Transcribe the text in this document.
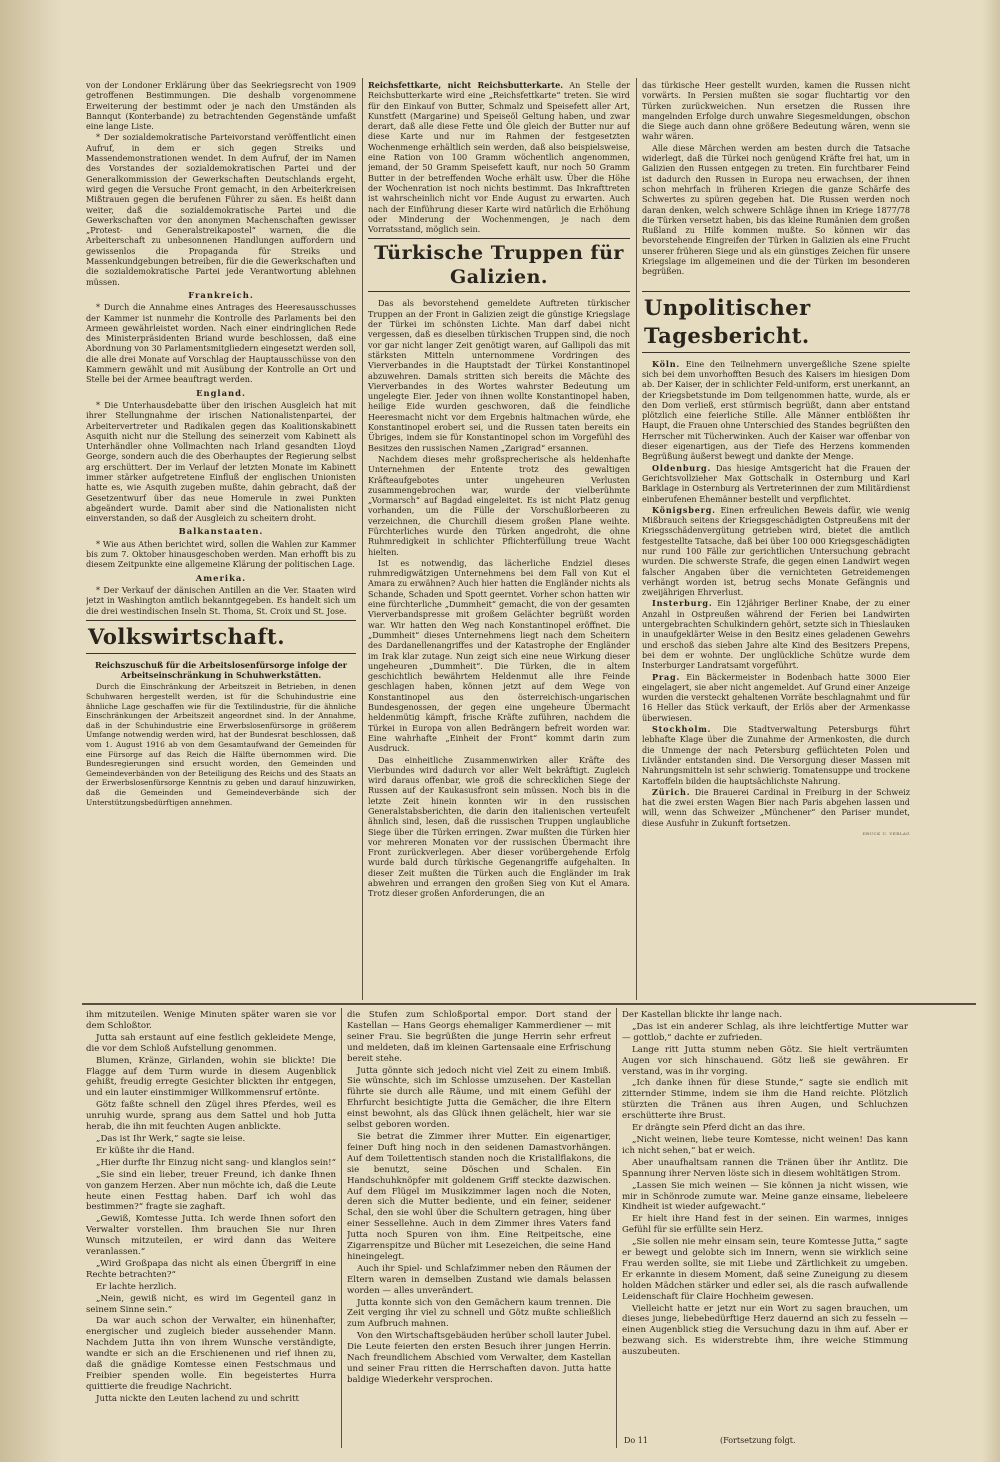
von der Londoner Erklärung über das Seekriegsrecht von 1909 getroffenen Bestimmungen. Die deshalb vorgenommene Erweiterung der bestimmt oder je nach den Umständen als Bannqut (Konterbande) zu betrachtenden Gegenstände umfaßt eine lange Liste.

* Der sozialdemokratische Parteivorstand veröffentlicht einen Aufruf, in dem er sich gegen Streiks und Massendemonstrationen wendet. In dem Aufruf, der im Namen des Vorstandes der sozialdemokratischen Partei und der Generalkommission der Gewerkschaften Deutschlands ergeht, wird gegen die Versuche Front gemacht, in den Arbeiterkreisen Mißtrauen gegen die berufenen Führer zu säen. Es heißt dann weiter, daß die sozialdemokratische Partei und die Gewerkschaften vor den anonymen Machenschaften gewisser „Protest- und Generalstreikapostel“ warnen, die die Arbeiterschaft zu unbesonnenen Handlungen auffordern und gewissenlos die Propaganda für Streiks und Massenkundgebungen betreiben, für die die Gewerkschaften und die sozialdemokratische Partei jede Verantwortung ablehnen müssen.

Frankreich.

* Durch die Annahme eines Antrages des Heeresausschusses der Kammer ist nunmehr die Kontrolle des Parlaments bei den Armeen gewährleistet worden. Nach einer eindringlichen Rede des Ministerpräsidenten Briand wurde beschlossen, daß eine Abordnung von 30 Parlamentsmitgliedern eingesetzt werden soll, die alle drei Monate auf Vorschlag der Hauptausschüsse von den Kammern gewählt und mit Ausübung der Kontrolle an Ort und Stelle bei der Armee beauftragt werden.

England.

* Die Unterhausdebatte über den irischen Ausgleich hat mit ihrer Stellungnahme der irischen Nationalistenpartei, der Arbeitervertreter und Radikalen gegen das Koalitionskabinett Asquith nicht nur die Stellung des seinerzeit vom Kabinett als Unterhändler ohne Vollmachten nach Irland gesandten Lloyd George, sondern auch die des Oberhauptes der Regierung selbst arg erschüttert. Der im Verlauf der letzten Monate im Kabinett immer stärker aufgetretene Einfluß der englischen Unionisten hatte es, wie Asquith zugeben mußte, dahin gebracht, daß der Gesetzentwurf über das neue Homerule in zwei Punkten abgeändert wurde. Damit aber sind die Nationalisten nicht einverstanden, so daß der Ausgleich zu scheitern droht.

Balkanstaaten.

* Wie aus Athen berichtet wird, sollen die Wahlen zur Kammer bis zum 7. Oktober hinausgeschoben werden. Man erhofft bis zu diesem Zeitpunkte eine allgemeine Klärung der politischen Lage.

Amerika.

* Der Verkauf der dänischen Antillen an die Ver. Staaten wird jetzt in Washington amtlich bekanntgegeben. Es handelt sich um die drei westindischen Inseln St. Thoma, St. Croix und St. Jose.

Volkswirtschaft.
Reichszuschuß für die Arbeitslosenfürsorge infolge der Arbeitseinschränkung in Schuhwerkstätten.

Durch die Einschränkung der Arbeitszeit in Betrieben, in denen Schuhwaren hergestellt werden, ist für die Schuhindustrie eine ähnliche Lage geschaffen wie für die Textilindustrie, für die ähnliche Einschränkungen der Arbeitszeit angeordnet sind. In der Annahme, daß in der Schuhindustrie eine Erwerbslosenfürsorge in größerem Umfange notwendig werden wird, hat der Bundesrat beschlossen, daß vom 1. August 1916 ab von dem Gesamtaufwand der Gemeinden für eine Fürsorge auf das Reich die Hälfte übernommen wird. Die Bundesregierungen sind ersucht worden, den Gemeinden und Gemeindeverbänden von der Beteiligung des Reichs und des Staats an der Erwerbslosenfürsorge Kenntnis zu geben und darauf hinzuwirken, daß die Gemeinden und Gemeindeverbände sich der Unterstützungsbedürftigen annehmen.

Reichsfettkarte, nicht Reichsbutterkarte. An Stelle der Reichsbutterkarte wird eine „Reichsfettkarte“ treten. Sie wird für den Einkauf von Butter, Schmalz und Speisefett aller Art, Kunstfett (Margarine) und Speiseöl Geltung haben, und zwar derart, daß alle diese Fette und Öle gleich der Butter nur auf diese Karte und nur im Rahmen der festgesetzten Wochenmenge erhältlich sein werden, daß also beispielsweise, eine Ration von 100 Gramm wöchentlich angenommen, jemand, der 50 Gramm Speisefett kauft, nur noch 50 Gramm Butter in der betreffenden Woche erhält usw. Über die Höhe der Wochenration ist noch nichts bestimmt. Das Inkrafttreten ist wahrscheinlich nicht vor Ende August zu erwarten. Auch nach der Einführung dieser Karte wird natürlich die Erhöhung oder Minderung der Wochenmengen, je nach dem Vorratsstand, möglich sein.

Türkische Truppen für Galizien.

Das als bevorstehend gemeldete Auftreten türkischer Truppen an der Front in Galizien zeigt die günstige Kriegslage der Türkei im schönsten Lichte. Man darf dabei nicht vergessen, daß es dieselben türkischen Truppen sind, die noch vor gar nicht langer Zeit genötigt waren, auf Gallipoli das mit stärksten Mitteln unternommene Vordringen des Vierverbandes in die Hauptstadt der Türkei Konstantinopel abzuwehren. Damals stritten sich bereits die Mächte des Vierverbandes in des Wortes wahrster Bedeutung um ungelegte Eier. Jeder von ihnen wollte Konstantinopel haben, heilige Eide wurden geschworen, daß die feindliche Heeresmacht nicht vor dem Ergebnis haltmachen würde, ehe Konstantinopel erobert sei, und die Russen taten bereits ein Übriges, indem sie für Konstantinopel schon im Vorgefühl des Besitzes den russischen Namen „Zarigrad“ ersannen.

Nachdem dieses mehr großsprecherische als heldenhafte Unternehmen der Entente trotz des gewaltigen Kräfteaufgebotes unter ungeheuren Verlusten zusammengebrochen war, wurde der vielberühmte „Vormarsch“ auf Bagdad eingeleitet. Es ist nicht Platz genug vorhanden, um die Fülle der Vorschußlorbeeren zu verzeichnen, die Churchill diesem großen Plane weihte. Fürchterliches wurde den Türken angedroht, die ohne Ruhmredigkeit in schlichter Pflichterfüllung treue Wacht hielten.

Ist es notwendig, das lächerliche Endziel dieses ruhmredigwätzigen Unternehmens bei dem Fall von Kut el Amara zu erwähnen? Auch hier hatten die Engländer nichts als Schande, Schaden und Spott geerntet. Vorher schon hatten wir eine fürchterliche „Dummheit“ gemacht, die von der gesamten Vierverbandspresse mit großem Gelächter begrüßt worden war. Wir hatten den Weg nach Konstantinopel eröffnet. Die „Dummheit“ dieses Unternehmens liegt nach dem Scheitern des Dardanellenangriffes und der Katastrophe der Engländer im Irak klar zutage. Nun zeigt sich eine neue Wirkung dieser ungeheuren „Dummheit“. Die Türken, die in altem geschichtlich bewährtem Heldenmut alle ihre Feinde geschlagen haben, können jetzt auf dem Wege von Konstantinopel aus den österreichisch-ungarischen Bundesgenossen, der gegen eine ungeheure Übermacht heldenmütig kämpft, frische Kräfte zuführen, nachdem die Türkei in Europa von allen Bedrängern befreit worden war. Eine wahrhafte „Einheit der Front“ kommt darin zum Ausdruck.

Das einheitliche Zusammenwirken aller Kräfte des Vierbundes wird dadurch vor aller Welt bekräftigt. Zugleich wird daraus offenbar, wie groß die schrecklichen Siege der Russen auf der Kaukasusfront sein müssen. Noch bis in die letzte Zeit hinein konnten wir in den russischen Generalstabsberichten, die darin den italienischen verteufelt ähnlich sind, lesen, daß die russischen Truppen unglaubliche Siege über die Türken erringen. Zwar mußten die Türken hier vor mehreren Monaten vor der russischen Übermacht ihre Front zurückverlegen. Aber dieser vorübergehende Erfolg wurde bald durch türkische Gegenangriffe aufgehalten. In dieser Zeit mußten die Türken auch die Engländer im Irak abwehren und errangen den großen Sieg von Kut el Amara. Trotz dieser großen Anforderungen, die an

das türkische Heer gestellt wurden, kamen die Russen nicht vorwärts. In Persien mußten sie sogar fluchtartig vor den Türken zurückweichen. Nun ersetzen die Russen ihre mangelnden Erfolge durch unwahre Siegesmeldungen, obschon die Siege auch dann ohne größere Bedeutung wären, wenn sie wahr wären.

Alle diese Märchen werden am besten durch die Tatsache widerlegt, daß die Türkei noch genügend Kräfte frei hat, um in Galizien den Russen entgegen zu treten. Ein furchtbarer Feind ist dadurch den Russen in Europa neu erwachsen, der ihnen schon mehrfach in früheren Kriegen die ganze Schärfe des Schwertes zu spüren gegeben hat. Die Russen werden noch daran denken, welch schwere Schläge ihnen im Kriege 1877/78 die Türken versetzt haben, bis das kleine Rumänien dem großen Rußland zu Hilfe kommen mußte. So können wir das bevorstehende Eingreifen der Türken in Galizien als eine Frucht unserer früheren Siege und als ein günstiges Zeichen für unsere Kriegslage im allgemeinen und die der Türken im besonderen begrüßen.

Unpolitischer Tagesbericht.

Köln. Eine den Teilnehmern unvergeßliche Szene spielte sich bei dem unvorhofften Besuch des Kaisers im hiesigen Dom ab. Der Kaiser, der in schlichter Feld-uniform, erst unerkannt, an der Kriegsbetstunde im Dom teilgenommen hatte, wurde, als er den Dom verließ, erst stürmisch begrüßt, dann aber entstand plötzlich eine feierliche Stille. Alle Männer entblößten ihr Haupt, die Frauen ohne Unterschied des Standes begrüßten den Herrscher mit Tücherwinken. Auch der Kaiser war offenbar von dieser eigenartigen, aus der Tiefe des Herzens kommenden Begrüßung äußerst bewegt und dankte der Menge.

Oldenburg. Das hiesige Amtsgericht hat die Frauen der Gerichtsvollzieher Max Gottschalk in Osternburg und Karl Barklage in Osternburg als Vertreterinnen der zum Militärdienst einberufenen Ehemänner bestellt und verpflichtet.

Königsberg. Einen erfreulichen Beweis dafür, wie wenig Mißbrauch seitens der Kriegsgeschädigten Ostpreußens mit der Kriegsschädenvergütung getrieben wird, bietet die amtlich festgestellte Tatsache, daß bei über 100 000 Kriegsgeschädigten nur rund 100 Fälle zur gerichtlichen Untersuchung gebracht wurden. Die schwerste Strafe, die gegen einen Landwirt wegen falscher Angaben über die vernichteten Getreidemengen verhängt worden ist, betrug sechs Monate Gefängnis und zweijährigen Ehrverlust.

Insterburg. Ein 12jähriger Berliner Knabe, der zu einer Anzahl in Ostpreußen während der Ferien bei Landwirten untergebrachten Schulkindern gehört, setzte sich in Thieslauken in unaufgeklärter Weise in den Besitz eines geladenen Gewehrs und erschoß das sieben Jahre alte Kind des Besitzers Prepens, bei dem er wohnte. Der unglückliche Schütze wurde dem Insterburger Landratsamt vorgeführt.

Prag. Ein Bäckermeister in Bodenbach hatte 3000 Eier eingelagert, sie aber nicht angemeldet. Auf Grund einer Anzeige wurden die versteckt gehaltenen Vorräte beschlagnahmt und für 16 Heller das Stück verkauft, der Erlös aber der Armenkasse überwiesen.

Stockholm. Die Stadtverwaltung Petersburgs führt lebhafte Klage über die Zunahme der Armenkosten, die durch die Unmenge der nach Petersburg geflüchteten Polen und Livländer entstanden sind. Die Versorgung dieser Massen mit Nahrungsmitteln ist sehr schwierig. Tomatensuppe und trockene Kartoffeln bilden die hauptsächlichste Nahrung.

Zürich. Die Brauerei Cardinal in Freiburg in der Schweiz hat die zwei ersten Wagen Bier nach Paris abgehen lassen und will, wenn das Schweizer „Münchener“ den Pariser mundet, diese Ausfuhr in Zukunft fortsetzen.

DRUCK U. VERLAG

ihm mitzuteilen. Wenige Minuten später waren sie vor dem Schloßtor.

Jutta sah erstaunt auf eine festlich gekleidete Menge, die vor dem Schloß Aufstellung genommen.

Blumen, Kränze, Girlanden, wohin sie blickte! Die Flagge auf dem Turm wurde in diesem Augenblick gehißt, freudig erregte Gesichter blickten ihr entgegen, und ein lauter einstimmiger Willkommensruf ertönte.

Götz faßte schnell den Zügel ihres Pferdes, weil es unruhig wurde, sprang aus dem Sattel und hob Jutta herab, die ihn mit feuchten Augen anblickte.

„Das ist Ihr Werk,“ sagte sie leise.

Er küßte ihr die Hand.

„Hier durfte Ihr Einzug nicht sang- und klanglos sein!“

„Sie sind ein lieber, treuer Freund, ich danke Ihnen von ganzem Herzen. Aber nun möchte ich, daß die Leute heute einen Festtag haben. Darf ich wohl das bestimmen?“ fragte sie zaghaft.

„Gewiß, Komtesse Jutta. Ich werde Ihnen sofort den Verwalter vorstellen. Ihm brauchen Sie nur Ihren Wunsch mitzuteilen, er wird dann das Weitere veranlassen.“

„Wird Großpapa das nicht als einen Übergriff in eine Rechte betrachten?“

Er lachte herzlich.

„Nein, gewiß nicht, es wird im Gegenteil ganz in seinem Sinne sein.“

Da war auch schon der Verwalter, ein hünenhafter, energischer und zugleich bieder aussehender Mann. Nachdem Jutta ihn von ihrem Wunsche verständigte, wandte er sich an die Erschienenen und rief ihnen zu, daß die gnädige Komtesse einen Festschmaus und Freibier spenden wolle. Ein begeistertes Hurra quittierte die freudige Nachricht.

Jutta nickte den Leuten lachend zu und schritt

die Stufen zum Schloßportal empor. Dort stand der Kastellan — Hans Georgs ehemaliger Kammerdiener — mit seiner Frau. Sie begrüßten die junge Herrin sehr erfreut und meldeten, daß im kleinen Gartensaale eine Erfrischung bereit stehe.

Jutta gönnte sich jedoch nicht viel Zeit zu einem Imbiß. Sie wünschte, sich im Schlosse umzusehen. Der Kastellan führte sie durch alle Räume, und mit einem Gefühl der Ehrfurcht besichtigte Jutta die Gemächer, die ihre Eltern einst bewohnt, als das Glück ihnen gelächelt, hier war sie selbst geboren worden.

Sie betrat die Zimmer ihrer Mutter. Ein eigenartiger, feiner Duft hing noch in den seidenen Damastvorhängen. Auf dem Toilettentisch standen noch die Kristallflakons, die sie benutzt, seine Döschen und Schalen. Ein Handschuhknöpfer mit goldenem Griff steckte dazwischen. Auf dem Flügel im Musikzimmer lagen noch die Noten, deren sich die Mutter bediente, und ein feiner, seidener Schal, den sie wohl über die Schultern getragen, hing über einer Sessellehne. Auch in dem Zimmer ihres Vaters fand Jutta noch Spuren von ihm. Eine Reitpeitsche, eine Zigarrenspitze und Bücher mit Lesezeichen, die seine Hand hineingelegt.

Auch ihr Spiel- und Schlafzimmer neben den Räumen der Eltern waren in demselben Zustand wie damals belassen worden — alles unverändert.

Jutta konnte sich von den Gemächern kaum trennen. Die Zeit verging ihr viel zu schnell und Götz mußte schließlich zum Aufbruch mahnen.

Von den Wirtschaftsgebäuden herüber scholl lauter Jubel. Die Leute feierten den ersten Besuch ihrer jungen Herrin. Nach freundlichem Abschied vom Verwalter, dem Kastellan und seiner Frau ritten die Herrschaften davon. Jutta hatte baldige Wiederkehr versprochen.

Der Kastellan blickte ihr lange nach.

„Das ist ein anderer Schlag, als ihre leichtfertige Mutter war — gottlob,“ dachte er zufrieden.

Lange ritt Jutta stumm neben Götz. Sie hielt verträumten Augen vor sich hinschauend. Götz ließ sie gewähren. Er verstand, was in ihr vorging.

„Ich danke ihnen für diese Stunde,“ sagte sie endlich mit zitternder Stimme, indem sie ihm die Hand reichte. Plötzlich stürzten die Tränen aus ihren Augen, und Schluchzen erschütterte ihre Brust.

Er drängte sein Pferd dicht an das ihre.

„Nicht weinen, liebe teure Komtesse, nicht weinen! Das kann ich nicht sehen,“ bat er weich.

Aber unaufhaltsam rannen die Tränen über ihr Antlitz. Die Spannung ihrer Nerven löste sich in diesem wohltätigen Strom.

„Lassen Sie mich weinen — Sie können ja nicht wissen, wie mir in Schönrode zumute war. Meine ganze einsame, liebeleere Kindheit ist wieder aufgewacht.“

Er hielt ihre Hand fest in der seinen. Ein warmes, inniges Gefühl für sie erfüllte sein Herz.

„Sie sollen nie mehr einsam sein, teure Komtesse Jutta,“ sagte er bewegt und gelobte sich im Innern, wenn sie wirklich seine Frau werden sollte, sie mit Liebe und Zärtlichkeit zu umgeben. Er erkannte in diesem Moment, daß seine Zuneigung zu diesem holden Mädchen stärker und edler sei, als die rasch aufwallende Leidenschaft für Claire Hochheim gewesen.

Vielleicht hatte er jetzt nur ein Wort zu sagen brauchen, um dieses junge, liebebedürftige Herz dauernd an sich zu fesseln — einen Augenblick stieg die Versuchung dazu in ihm auf. Aber er bezwang sich. Es widerstrebte ihm, ihre weiche Stimmung auszubeuten.

Do 11	(Fortsetzung folgt.
